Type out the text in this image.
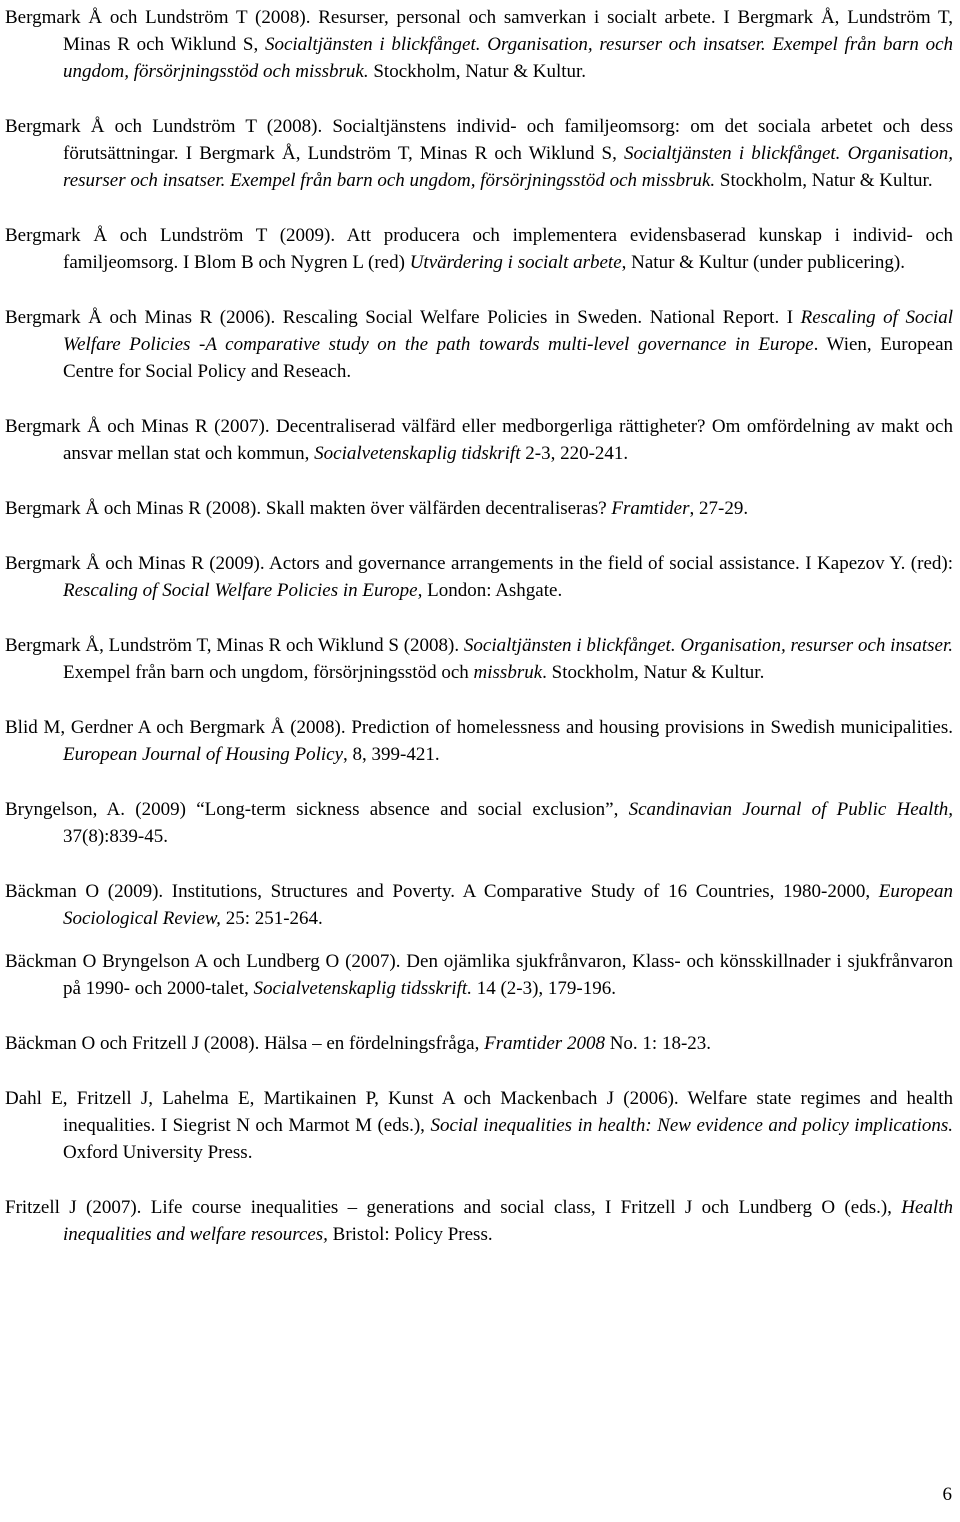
Bergmark Å och Lundström T (2008). Resurser, personal och samverkan i socialt arbete. I Bergmark Å, Lundström T, Minas R och Wiklund S, Socialtjänsten i blickfånget. Organisation, resurser och insatser. Exempel från barn och ungdom, försörjningsstöd och missbruk. Stockholm, Natur & Kultur.

Bergmark Å och Lundström T (2008). Socialtjänstens individ- och familjeomsorg: om det sociala arbetet och dess förutsättningar. I Bergmark Å, Lundström T, Minas R och Wiklund S, Socialtjänsten i blickfånget. Organisation, resurser och insatser. Exempel från barn och ungdom, försörjningsstöd och missbruk. Stockholm, Natur & Kultur.

Bergmark Å och Lundström T (2009). Att producera och implementera evidensbaserad kunskap i individ- och familjeomsorg. I Blom B och Nygren L (red) Utvärdering i socialt arbete, Natur & Kultur (under publicering).

Bergmark Å och Minas R (2006). Rescaling Social Welfare Policies in Sweden. National Report. I Rescaling of Social Welfare Policies -A comparative study on the path towards multi-level governance in Europe. Wien, European Centre for Social Policy and Reseach.

Bergmark Å och Minas R (2007). Decentraliserad välfärd eller medborgerliga rättigheter? Om omfördelning av makt och ansvar mellan stat och kommun, Socialvetenskaplig tidskrift 2-3, 220-241.

Bergmark Å och Minas R (2008). Skall makten över välfärden decentraliseras? Framtider, 27-29.

Bergmark Å och Minas R (2009). Actors and governance arrangements in the field of social assistance. I Kapezov Y. (red): Rescaling of Social Welfare Policies in Europe, London: Ashgate.

Bergmark Å, Lundström T, Minas R och Wiklund S (2008). Socialtjänsten i blickfånget. Organisation, resurser och insatser. Exempel från barn och ungdom, försörjningsstöd och missbruk. Stockholm, Natur & Kultur.

Blid M, Gerdner A och Bergmark Å (2008). Prediction of homelessness and housing provisions in Swedish municipalities. European Journal of Housing Policy, 8, 399-421.

Bryngelson, A. (2009) “Long-term sickness absence and social exclusion”, Scandinavian Journal of Public Health, 37(8):839-45.

Bäckman O (2009). Institutions, Structures and Poverty. A Comparative Study of 16 Countries, 1980-2000, European Sociological Review, 25: 251-264.

Bäckman O Bryngelson A och Lundberg O (2007). Den ojämlika sjukfrånvaron, Klass- och könsskillnader i sjukfrånvaron på 1990- och 2000-talet, Socialvetenskaplig tidsskrift. 14 (2-3), 179-196.

Bäckman O och Fritzell J (2008). Hälsa – en fördelningsfråga, Framtider 2008 No. 1: 18-23.

Dahl E, Fritzell J, Lahelma E, Martikainen P, Kunst A och Mackenbach J (2006). Welfare state regimes and health inequalities. I Siegrist N och Marmot M (eds.), Social inequalities in health: New evidence and policy implications. Oxford University Press.

Fritzell J (2007). Life course inequalities – generations and social class, I Fritzell J och Lundberg O (eds.), Health inequalities and welfare resources, Bristol: Policy Press.

6
